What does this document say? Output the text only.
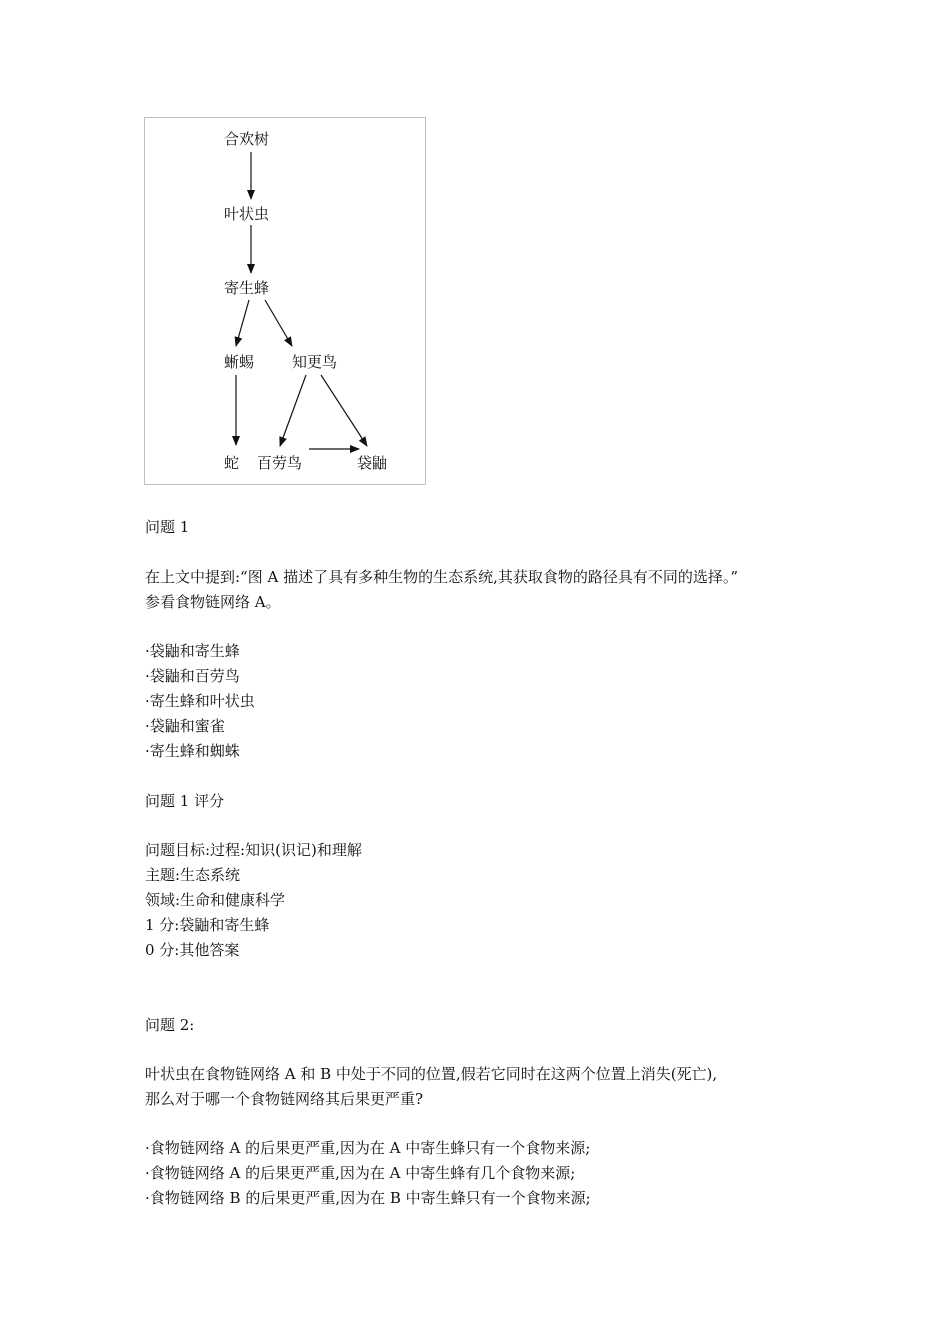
合欢树
叶状虫
寄生蜂
蜥蜴	知更鸟
蛇 百劳鸟	袋鼬
问题 1
在上文中提到:“图 A 描述了具有多种生物的生态系统,其获取食物的路径具有不同的选择。”
参看食物链网络 A。
·袋鼬和寄生蜂
·袋鼬和百劳鸟
·寄生蜂和叶状虫
·袋鼬和蜜雀
·寄生蜂和蜘蛛
问题 1 评分
问题目标:过程:知识(识记)和理解
主题:生态系统
领域:生命和健康科学
1 分:袋鼬和寄生蜂
0 分:其他答案
问题 2:
叶状虫在食物链网络 A 和 B 中处于不同的位置,假若它同时在这两个位置上消失(死亡),
那么对于哪一个食物链网络其后果更严重?
·食物链网络 A 的后果更严重,因为在 A 中寄生蜂只有一个食物来源;
·食物链网络 A 的后果更严重,因为在 A 中寄生蜂有几个食物来源;
·食物链网络 B 的后果更严重,因为在 B 中寄生蜂只有一个食物来源;
